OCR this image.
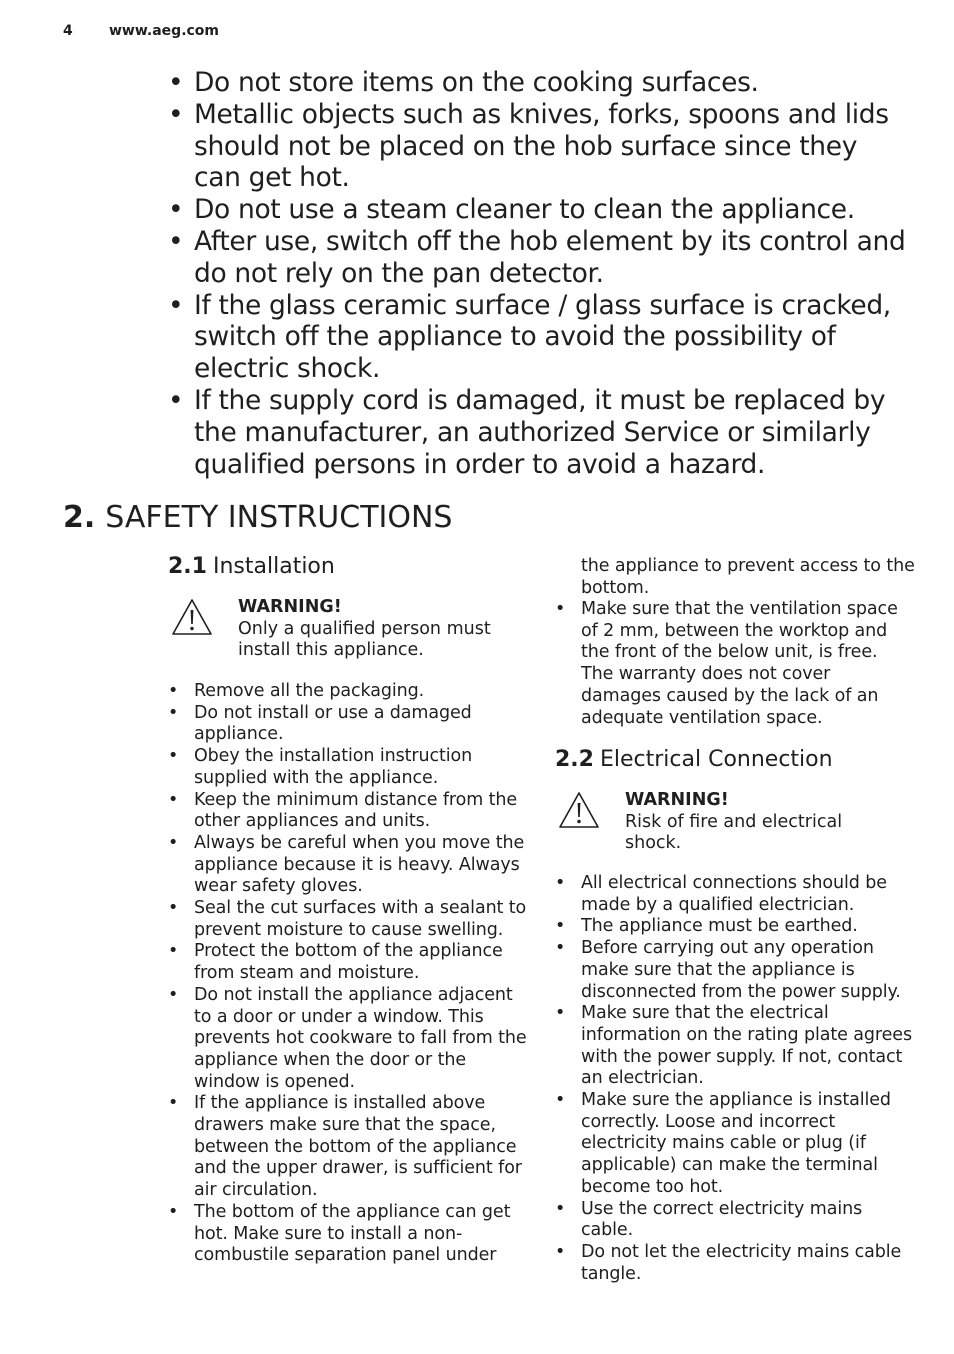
4	www.aeg.com
• Do not store items on the cooking surfaces.
• Metallic objects such as knives, forks, spoons and lids should not be placed on the hob surface since they can get hot.
• Do not use a steam cleaner to clean the appliance.
• After use, switch off the hob element by its control and do not rely on the pan detector.
• If the glass ceramic surface / glass surface is cracked, switch off the appliance to avoid the possibility of electric shock.
• If the supply cord is damaged, it must be replaced by the manufacturer, an authorized Service or similarly qualified persons in order to avoid a hazard.
2. SAFETY INSTRUCTIONS
2.1 Installation
WARNING!
Only a qualified person must install this appliance.
• Remove all the packaging.
• Do not install or use a damaged appliance.
• Obey the installation instruction supplied with the appliance.
• Keep the minimum distance from the other appliances and units.
• Always be careful when you move the appliance because it is heavy. Always wear safety gloves.
• Seal the cut surfaces with a sealant to prevent moisture to cause swelling.
• Protect the bottom of the appliance from steam and moisture.
• Do not install the appliance adjacent to a door or under a window. This prevents hot cookware to fall from the appliance when the door or the window is opened.
• If the appliance is installed above drawers make sure that the space, between the bottom of the appliance and the upper drawer, is sufficient for air circulation.
• The bottom of the appliance can get hot. Make sure to install a non-combustile separation panel under
the appliance to prevent access to the bottom.
• Make sure that the ventilation space of 2 mm, between the worktop and the front of the below unit, is free. The warranty does not cover damages caused by the lack of an adequate ventilation space.
2.2 Electrical Connection
WARNING!
Risk of fire and electrical shock.
• All electrical connections should be made by a qualified electrician.
• The appliance must be earthed.
• Before carrying out any operation make sure that the appliance is disconnected from the power supply.
• Make sure that the electrical information on the rating plate agrees with the power supply. If not, contact an electrician.
• Make sure the appliance is installed correctly. Loose and incorrect electricity mains cable or plug (if applicable) can make the terminal become too hot.
• Use the correct electricity mains cable.
• Do not let the electricity mains cable tangle.
